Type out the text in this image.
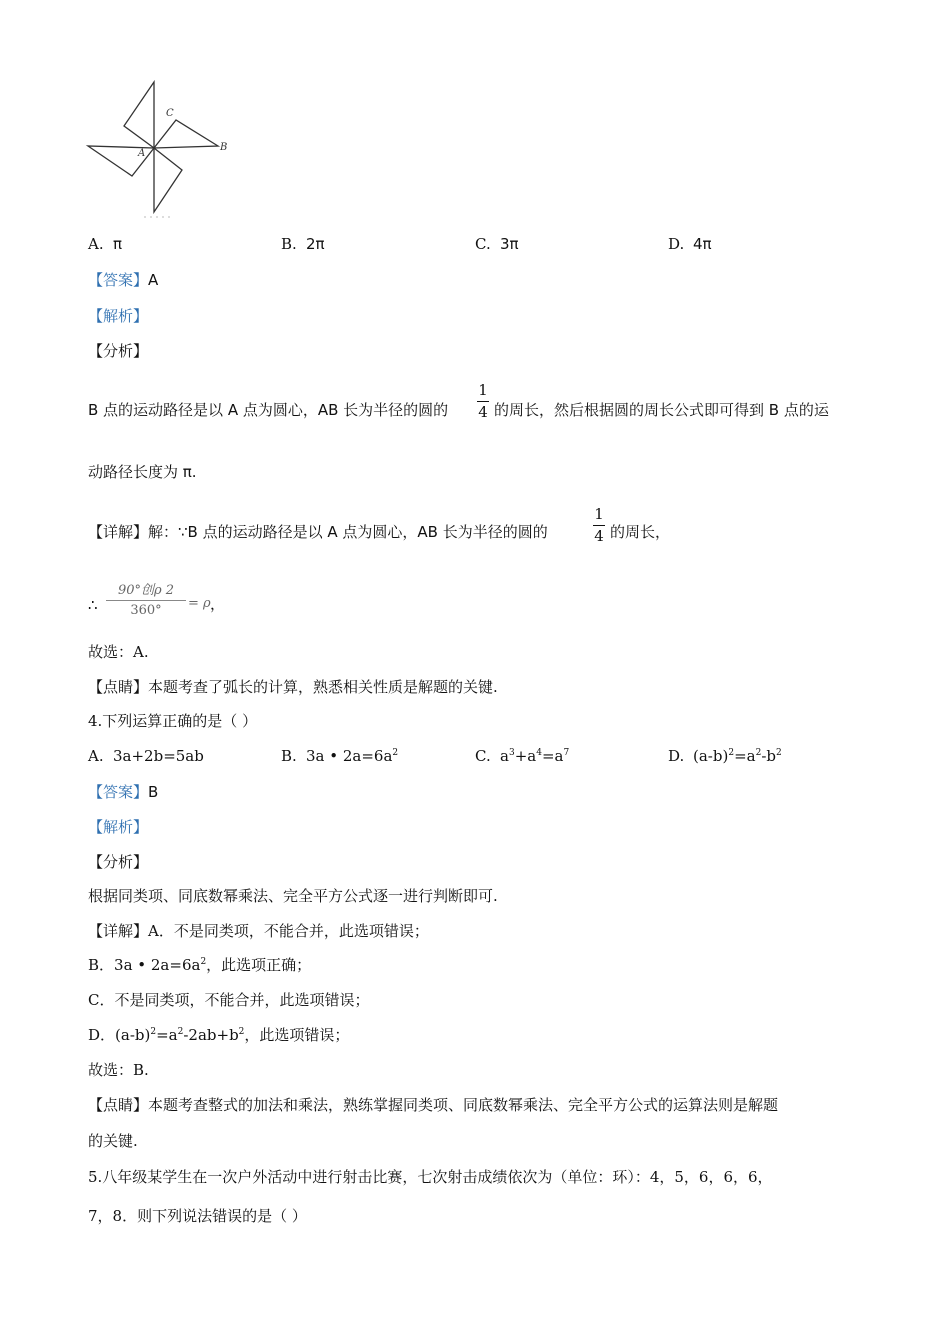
A
B
C
A. π	B. 2π	C. 3π	D. 4π
【答案】A
【解析】
【分析】
B 点的运动路径是以 A 点为圆心，AB 长为半径的圆的
1
4 的周长，然后根据圆的周长公式即可得到 B 点的运
动路径长度为 π.
【详解】解：∵B 点的运动路径是以 A 点为圆心，AB 长为半径的圆的
1
4 的周长，
∴
90°创ρ 2
360°	= ρ ，
故选：A.
【点睛】本题考查了弧长的计算，熟悉相关性质是解题的关键.
4.下列运算正确的是（ ）
A. 3a+2b=5ab	B. 3a • $2a=6a^2$	C. $a^3+a^4=a^7$	D. $(a-b)^2=a^2-b^2$
【答案】B
【解析】
【分析】
根据同类项、同底数幂乘法、完全平方公式逐一进行判断即可.
【详解】A．不是同类项，不能合并，此选项错误；
B．3a • $2a=6a^2$，此选项正确；
C．不是同类项，不能合并，此选项错误；
D．$(a-b)^2=a^2-2ab+b^2$，此选项错误；
故选：B.
【点睛】本题考查整式的加法和乘法，熟练掌握同类项、同底数幂乘法、完全平方公式的运算法则是解题
的关键.
5.八年级某学生在一次户外活动中进行射击比赛，七次射击成绩依次为（单位：环）：4，5，6，6，6，
7，8．则下列说法错误的是（ ）
